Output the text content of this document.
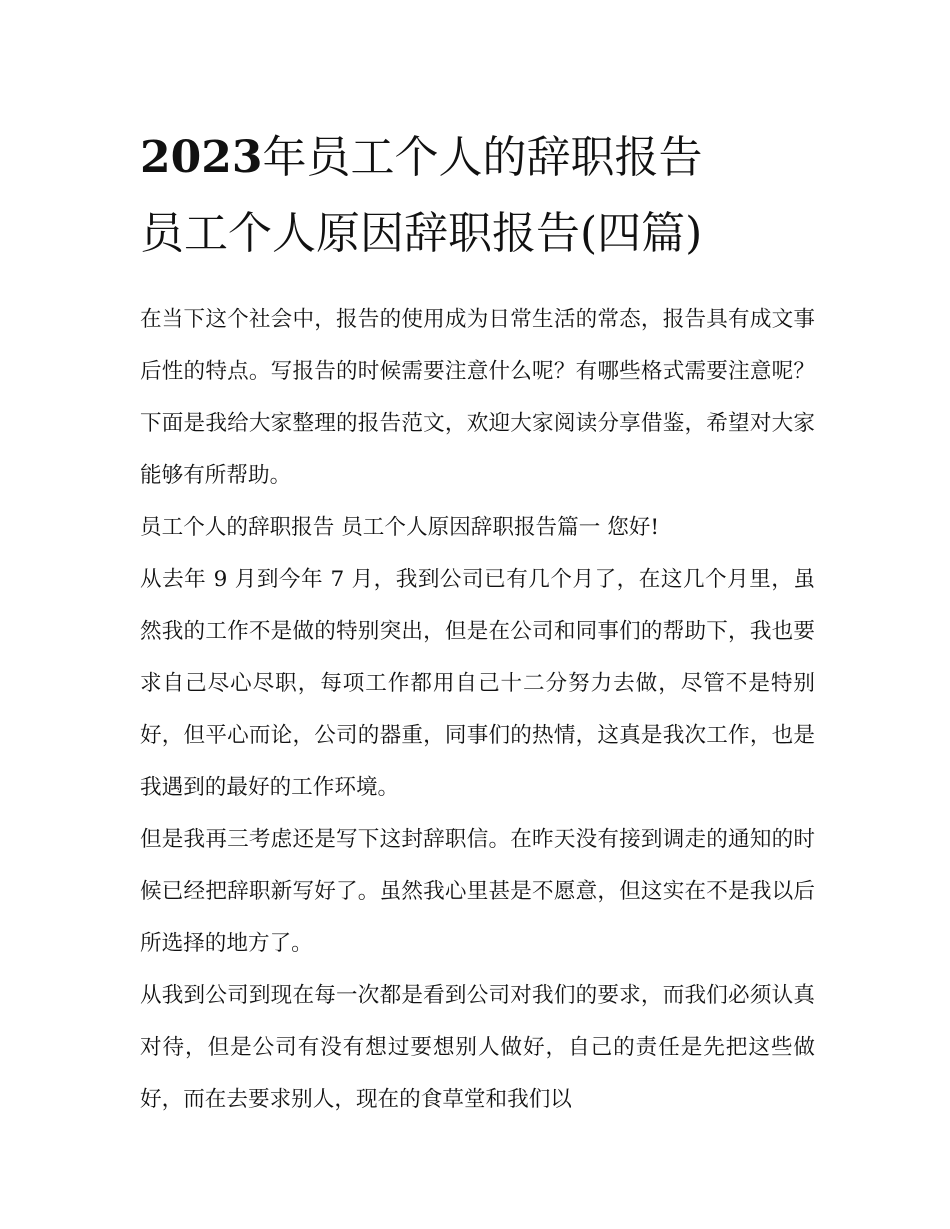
2023年员工个人的辞职报告
员工个人原因辞职报告(四篇)

在当下这个社会中，报告的使用成为日常生活的常态，报告具有成文事后性的特点。写报告的时候需要注意什么呢？有哪些格式需要注意呢？下面是我给大家整理的报告范文，欢迎大家阅读分享借鉴，希望对大家能够有所帮助。

员工个人的辞职报告 员工个人原因辞职报告篇一 您好!

从去年 9 月到今年 7 月，我到公司已有几个月了，在这几个月里，虽然我的工作不是做的特别突出，但是在公司和同事们的帮助下，我也要求自己尽心尽职，每项工作都用自己十二分努力去做，尽管不是特别好，但平心而论，公司的器重，同事们的热情，这真是我次工作，也是我遇到的最好的工作环境。

但是我再三考虑还是写下这封辞职信。在昨天没有接到调走的通知的时候已经把辞职新写好了。虽然我心里甚是不愿意，但这实在不是我以后所选择的地方了。

从我到公司到现在每一次都是看到公司对我们的要求，而我们必须认真对待，但是公司有没有想过要想别人做好，自己的责任是先把这些做好，而在去要求别人，现在的食草堂和我们以
